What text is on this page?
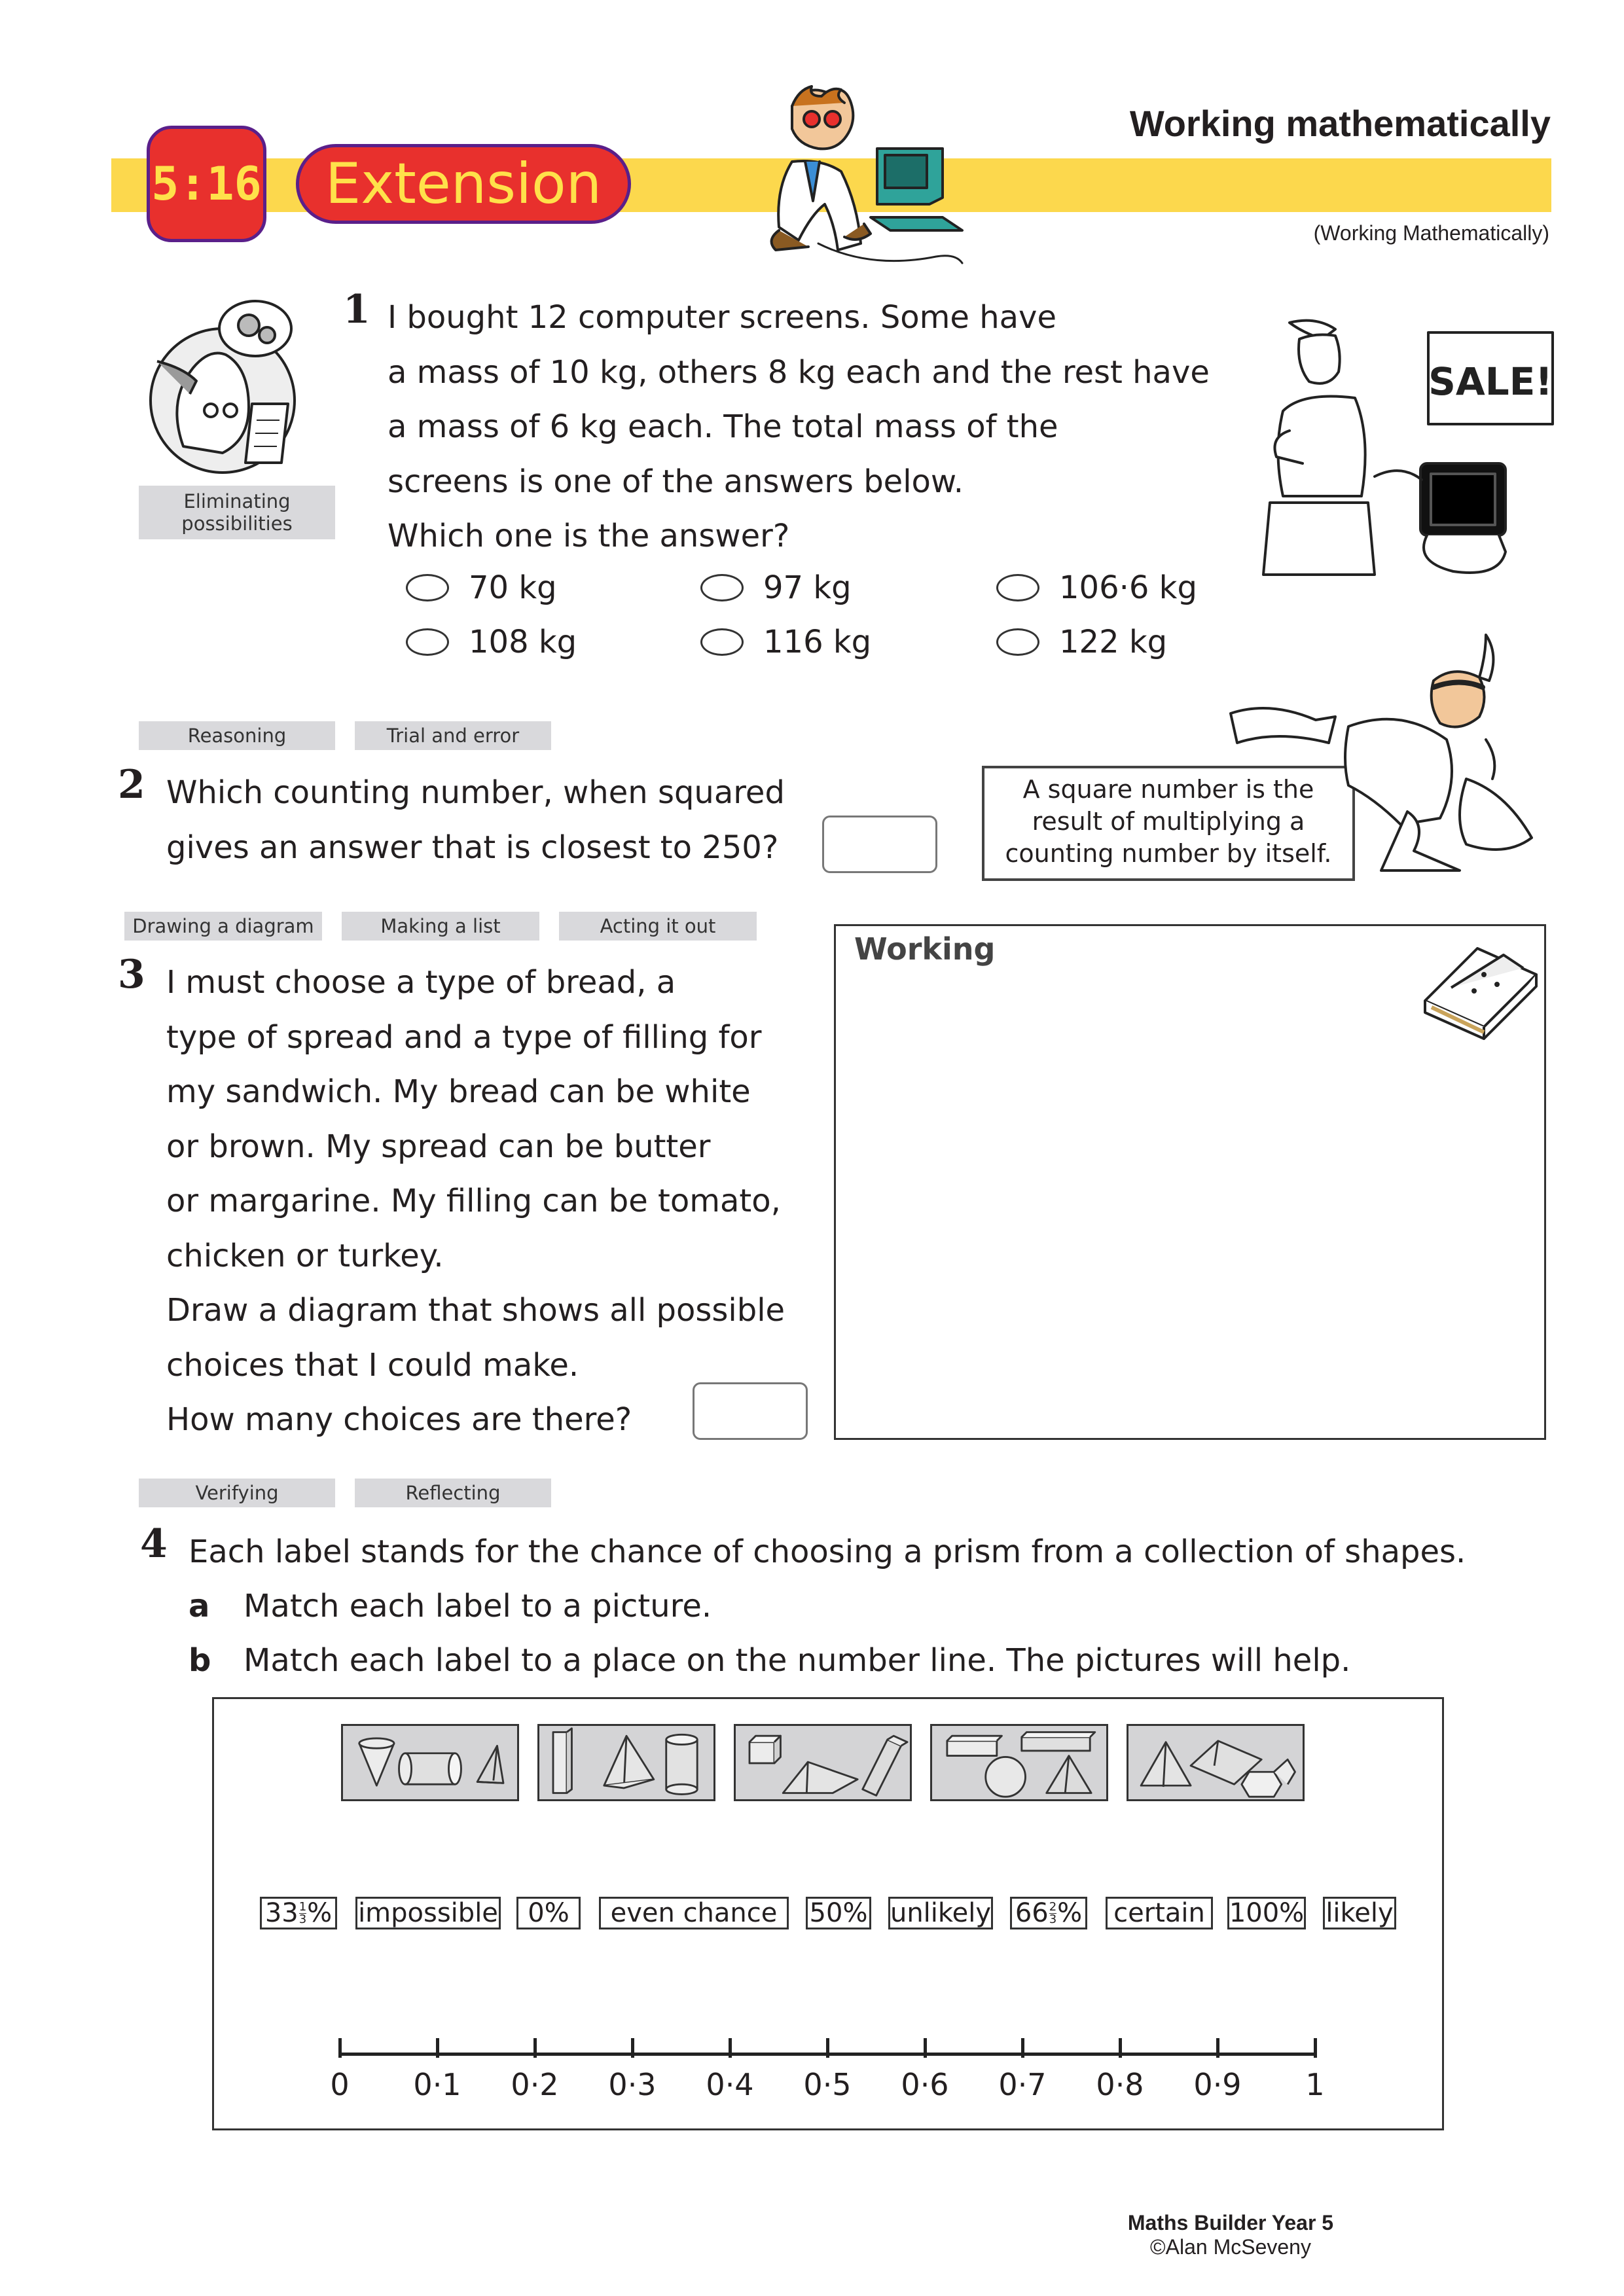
5:16	Extension
Working mathematically
(Working Mathematically)
Eliminating
possibilities
1 I bought 12 computer screens. Some have
a mass of 10 kg, others 8 kg each and the rest have
a mass of 6 kg each. The total mass of the
screens is one of the answers below.
Which one is the answer?
70 kg	97 kg	106·6 kg
108 kg	116 kg	122 kg
SALE!
Reasoning	Trial and error
2 Which counting number, when squared
gives an answer that is closest to 250?
A square number is the
result of multiplying a
counting number by itself.
Drawing a diagram	Making a list	Acting it out
3 I must choose a type of bread, a
type of spread and a type of filling for
my sandwich. My bread can be white
or brown. My spread can be butter
or margarine. My filling can be tomato,
chicken or turkey.
Draw a diagram that shows all possible
choices that I could make.
How many choices are there?
Working
Verifying	Reflecting
4 Each label stands for the chance of choosing a prism from a collection of shapes.
a Match each label to a picture.
b Match each label to a place on the number line. The pictures will help.
$33 \frac{1}{3}$ % impossible	0%	even chance	50% unlikely $66 \frac{2}{3}$ %	certain 100% likely
0 0·1 0·2 0·3 0·4 0·5 0·6 0·7 0·8 0·9 1
Maths Builder Year 5
©Alan McSeveny
